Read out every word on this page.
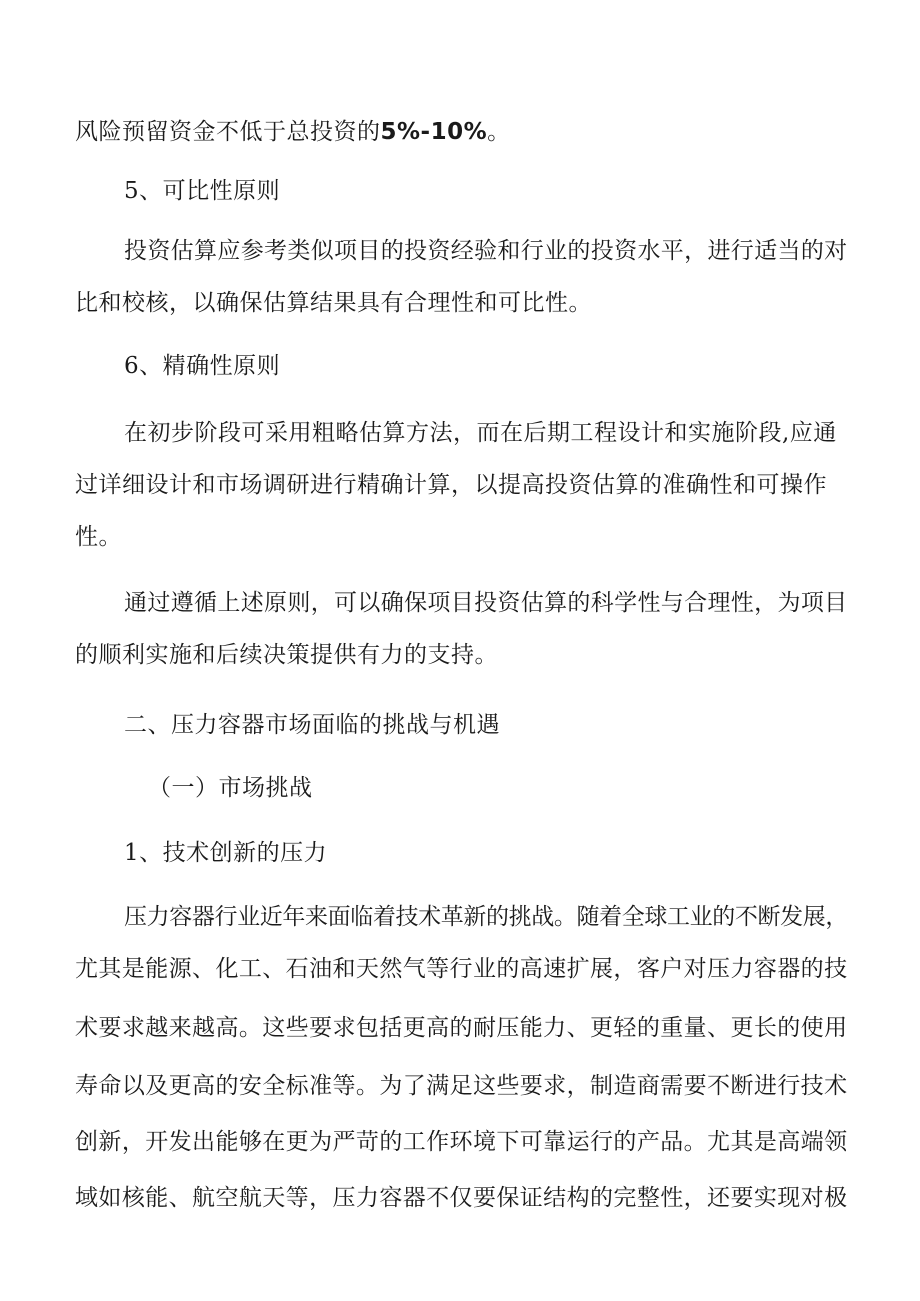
风险预留资金不低于总投资的5%-10%。
5、可比性原则
投资估算应参考类似项目的投资经验和行业的投资水平，进行适当的对
比和校核，以确保估算结果具有合理性和可比性。
6、精确性原则
在初步阶段可采用粗略估算方法，而在后期工程设计和实施阶段,应通
过详细设计和市场调研进行精确计算，以提高投资估算的准确性和可操作
性。
通过遵循上述原则，可以确保项目投资估算的科学性与合理性，为项目
的顺利实施和后续决策提供有力的支持。
二、压力容器市场面临的挑战与机遇
（一）市场挑战
1、技术创新的压力
压力容器行业近年来面临着技术革新的挑战。随着全球工业的不断发展，
尤其是能源、化工、石油和天然气等行业的高速扩展，客户对压力容器的技
术要求越来越高。这些要求包括更高的耐压能力、更轻的重量、更长的使用
寿命以及更高的安全标准等。为了满足这些要求，制造商需要不断进行技术
创新，开发出能够在更为严苛的工作环境下可靠运行的产品。尤其是高端领
域如核能、航空航天等，压力容器不仅要保证结构的完整性，还要实现对极
